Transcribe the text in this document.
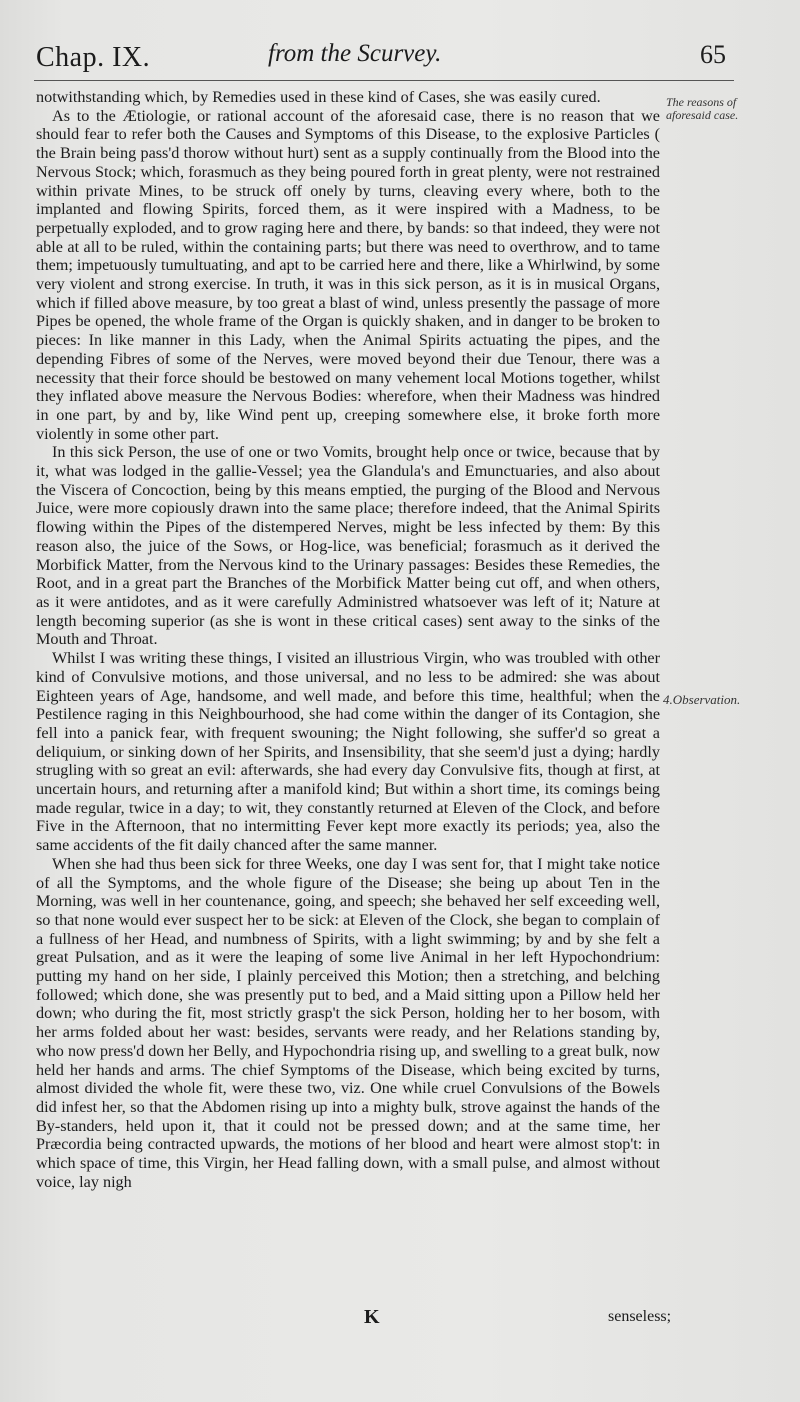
Chap. IX.	from the Scurvey.	65
The reasons of aforesaid case.
4.Observation.

notwithstanding which, by Remedies used in these kind of Cases, she was easily cured.

As to the Ætiologie, or rational account of the aforesaid case, there is no reason that we should fear to refer both the Causes and Symptoms of this Disease, to the explosive Particles ( the Brain being pass'd thorow without hurt) sent as a supply continually from the Blood into the Nervous Stock; which, forasmuch as they being poured forth in great plenty, were not restrained within private Mines, to be struck off onely by turns, cleaving every where, both to the implanted and flowing Spirits, forced them, as it were inspired with a Madness, to be perpetually exploded, and to grow raging here and there, by bands: so that indeed, they were not able at all to be ruled, within the containing parts; but there was need to overthrow, and to tame them; impetuously tumultuating, and apt to be carried here and there, like a Whirlwind, by some very violent and strong exercise. In truth, it was in this sick person, as it is in musical Organs, which if filled above measure, by too great a blast of wind, unless presently the passage of more Pipes be opened, the whole frame of the Organ is quickly shaken, and in danger to be broken to pieces: In like manner in this Lady, when the Animal Spirits actuating the pipes, and the depending Fibres of some of the Nerves, were moved beyond their due Tenour, there was a necessity that their force should be bestowed on many vehement local Motions together, whilst they inflated above measure the Nervous Bodies: wherefore, when their Madness was hindred in one part, by and by, like Wind pent up, creeping somewhere else, it broke forth more violently in some other part.

In this sick Person, the use of one or two Vomits, brought help once or twice, because that by it, what was lodged in the gallie-Vessel; yea the Glandula's and Emunctuaries, and also about the Viscera of Concoction, being by this means emptied, the purging of the Blood and Nervous Juice, were more copiously drawn into the same place; therefore indeed, that the Animal Spirits flowing within the Pipes of the distempered Nerves, might be less infected by them: By this reason also, the juice of the Sows, or Hog-lice, was beneficial; forasmuch as it derived the Morbifick Matter, from the Nervous kind to the Urinary passages: Besides these Remedies, the Root, and in a great part the Branches of the Morbifick Matter being cut off, and when others, as it were antidotes, and as it were carefully Administred whatsoever was left of it; Nature at length becoming superior (as she is wont in these critical cases) sent away to the sinks of the Mouth and Throat.

Whilst I was writing these things, I visited an illustrious Virgin, who was troubled with other kind of Convulsive motions, and those universal, and no less to be admired: she was about Eighteen years of Age, handsome, and well made, and before this time, healthful; when the Pestilence raging in this Neighbourhood, she had come within the danger of its Contagion, she fell into a panick fear, with frequent swouning; the Night following, she suffer'd so great a deliquium, or sinking down of her Spirits, and Insensibility, that she seem'd just a dying; hardly strugling with so great an evil: afterwards, she had every day Convulsive fits, though at first, at uncertain hours, and returning after a manifold kind; But within a short time, its comings being made regular, twice in a day; to wit, they constantly returned at Eleven of the Clock, and before Five in the Afternoon, that no intermitting Fever kept more exactly its periods; yea, also the same accidents of the fit daily chanced after the same manner.

When she had thus been sick for three Weeks, one day I was sent for, that I might take notice of all the Symptoms, and the whole figure of the Disease; she being up about Ten in the Morning, was well in her countenance, going, and speech; she behaved her self exceeding well, so that none would ever suspect her to be sick: at Eleven of the Clock, she began to complain of a fullness of her Head, and numbness of Spirits, with a light swimming; by and by she felt a great Pulsation, and as it were the leaping of some live Animal in her left Hypochondrium: putting my hand on her side, I plainly perceived this Motion; then a stretching, and belching followed; which done, she was presently put to bed, and a Maid sitting upon a Pillow held her down; who during the fit, most strictly grasp't the sick Person, holding her to her bosom, with her arms folded about her wast: besides, servants were ready, and her Relations standing by, who now press'd down her Belly, and Hypochondria rising up, and swelling to a great bulk, now held her hands and arms. The chief Symptoms of the Disease, which being excited by turns, almost divided the whole fit, were these two, viz. One while cruel Convulsions of the Bowels did infest her, so that the Abdomen rising up into a mighty bulk, strove against the hands of the By-standers, held upon it, that it could not be pressed down; and at the same time, her Præcordia being contracted upwards, the motions of her blood and heart were almost stop't: in which space of time, this Virgin, her Head falling down, with a small pulse, and almost without voice, lay nigh

K	senseless;
